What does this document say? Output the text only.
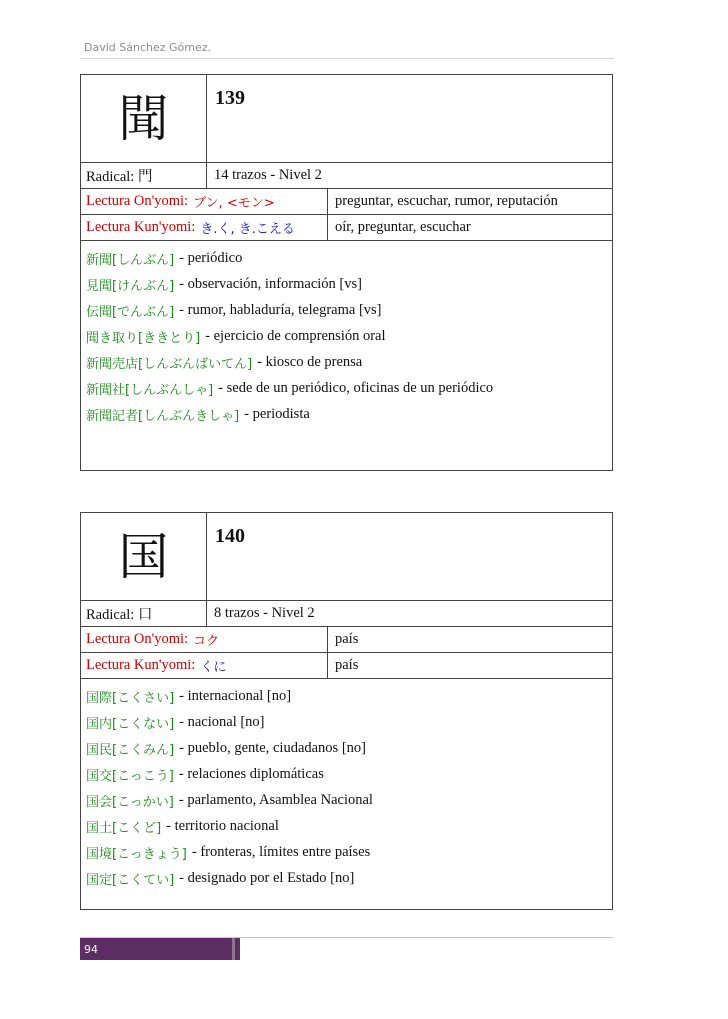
David Sánchez Gómez.
聞	139
Radical: 門	14 trazos - Nivel 2
Lectura On'yomi: ブン, <モン>	preguntar, escuchar, rumor, reputación
Lectura Kun'yomi: き.く, き.こえる	oír, preguntar, escuchar
新聞[しんぶん] - periódico
見聞[けんぶん] - observación, información [vs]
伝聞[でんぶん] - rumor, habladuría, telegrama [vs]
聞き取り[ききとり] - ejercicio de comprensión oral
新聞売店[しんぶんばいてん] - kiosco de prensa
新聞社[しんぶんしゃ] - sede de un periódico, oficinas de un periódico
新聞記者[しんぶんきしゃ] - periodista
国	140
Radical: 口	8 trazos - Nivel 2
Lectura On'yomi: コク	país
Lectura Kun'yomi: くに	país
国際[こくさい] - internacional [no]
国内[こくない] - nacional [no]
国民[こくみん] - pueblo, gente, ciudadanos [no]
国交[こっこう] - relaciones diplomáticas
国会[こっかい] - parlamento, Asamblea Nacional
国土[こくど] - territorio nacional
国境[こっきょう] - fronteras, límites entre países
国定[こくてい] - designado por el Estado [no]
94
